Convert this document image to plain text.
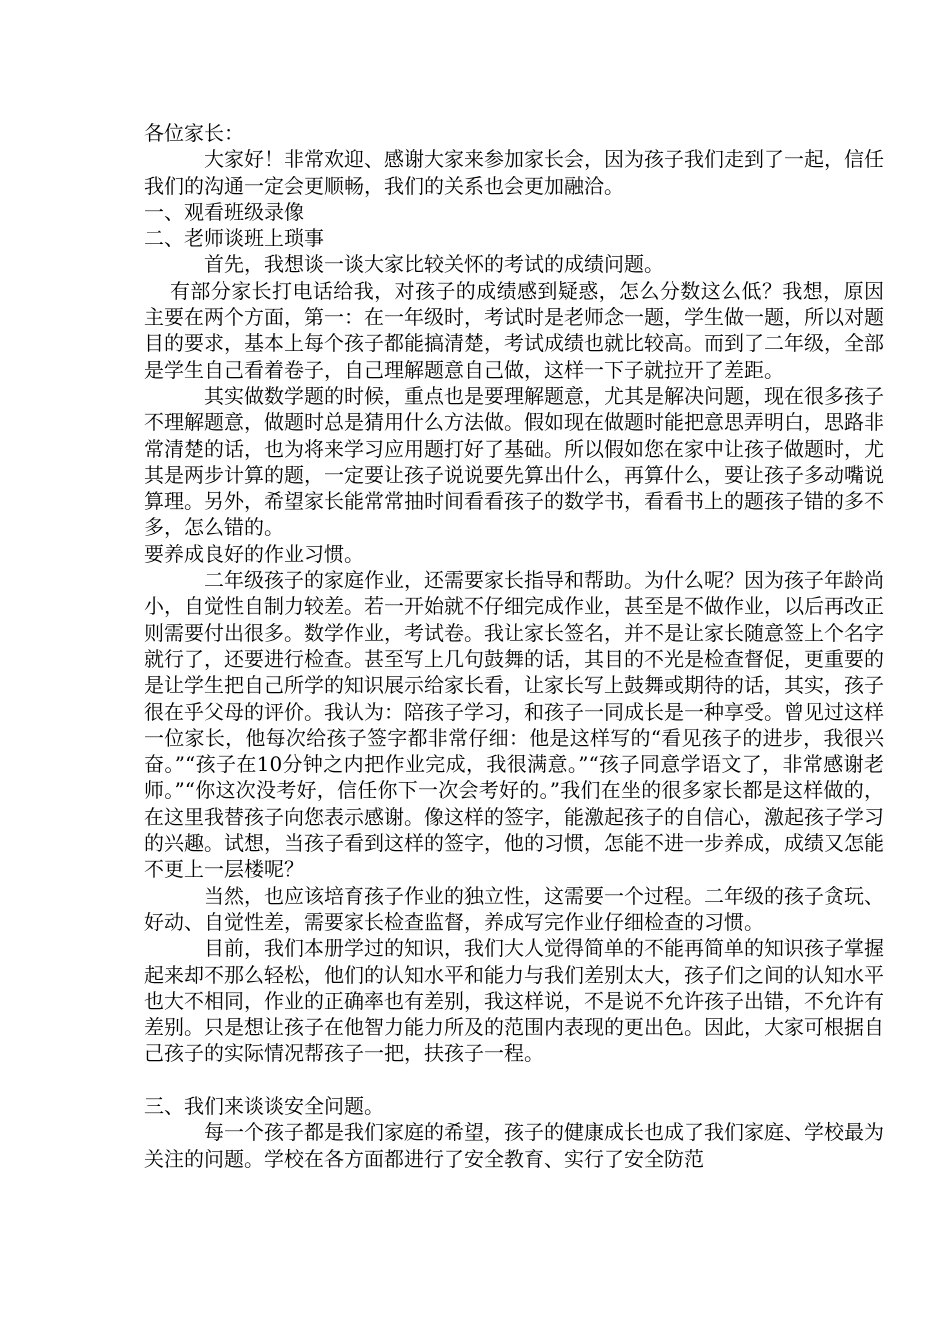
各位家长：

大家好！非常欢迎、感谢大家来参加家长会，因为孩子我们走到了一起，信任我们的沟通一定会更顺畅，我们的关系也会更加融洽。

一、观看班级录像

二、老师谈班上琐事

首先，我想谈一谈大家比较关怀的考试的成绩问题。

有部分家长打电话给我，对孩子的成绩感到疑惑，怎么分数这么低？我想，原因主要在两个方面，第一：在一年级时，考试时是老师念一题，学生做一题，所以对题目的要求，基本上每个孩子都能搞清楚，考试成绩也就比较高。而到了二年级，全部是学生自己看着卷子，自己理解题意自己做，这样一下子就拉开了差距。

其实做数学题的时候，重点也是要理解题意，尤其是解决问题，现在很多孩子不理解题意，做题时总是猜用什么方法做。假如现在做题时能把意思弄明白，思路非常清楚的话，也为将来学习应用题打好了基础。所以假如您在家中让孩子做题时，尤其是两步计算的题，一定要让孩子说说要先算出什么，再算什么，要让孩子多动嘴说算理。另外，希望家长能常常抽时间看看孩子的数学书，看看书上的题孩子错的多不多，怎么错的。

要养成良好的作业习惯。

二年级孩子的家庭作业，还需要家长指导和帮助。为什么呢？因为孩子年龄尚小，自觉性自制力较差。若一开始就不仔细完成作业，甚至是不做作业，以后再改正则需要付出很多。数学作业，考试卷。我让家长签名，并不是让家长随意签上个名字就行了，还要进行检查。甚至写上几句鼓舞的话，其目的不光是检查督促，更重要的是让学生把自己所学的知识展示给家长看，让家长写上鼓舞或期待的话，其实，孩子很在乎父母的评价。我认为：陪孩子学习，和孩子一同成长是一种享受。曾见过这样一位家长，他每次给孩子签字都非常仔细：他是这样写的“看见孩子的进步，我很兴奋。”“孩子在10分钟之内把作业完成，我很满意。”“孩子同意学语文了，非常感谢老师。”“你这次没考好，信任你下一次会考好的。”我们在坐的很多家长都是这样做的，在这里我替孩子向您表示感谢。像这样的签字，能激起孩子的自信心，激起孩子学习的兴趣。试想，当孩子看到这样的签字，他的习惯，怎能不进一步养成，成绩又怎能不更上一层楼呢？

当然，也应该培育孩子作业的独立性，这需要一个过程。二年级的孩子贪玩、好动、自觉性差，需要家长检查监督，养成写完作业仔细检查的习惯。

目前，我们本册学过的知识，我们大人觉得简单的不能再简单的知识孩子掌握起来却不那么轻松，他们的认知水平和能力与我们差别太大，孩子们之间的认知水平也大不相同，作业的正确率也有差别，我这样说，不是说不允许孩子出错，不允许有差别。只是想让孩子在他智力能力所及的范围内表现的更出色。因此，大家可根据自己孩子的实际情况帮孩子一把，扶孩子一程。

三、我们来谈谈安全问题。

每一个孩子都是我们家庭的希望，孩子的健康成长也成了我们家庭、学校最为关注的问题。学校在各方面都进行了安全教育、实行了安全防范
